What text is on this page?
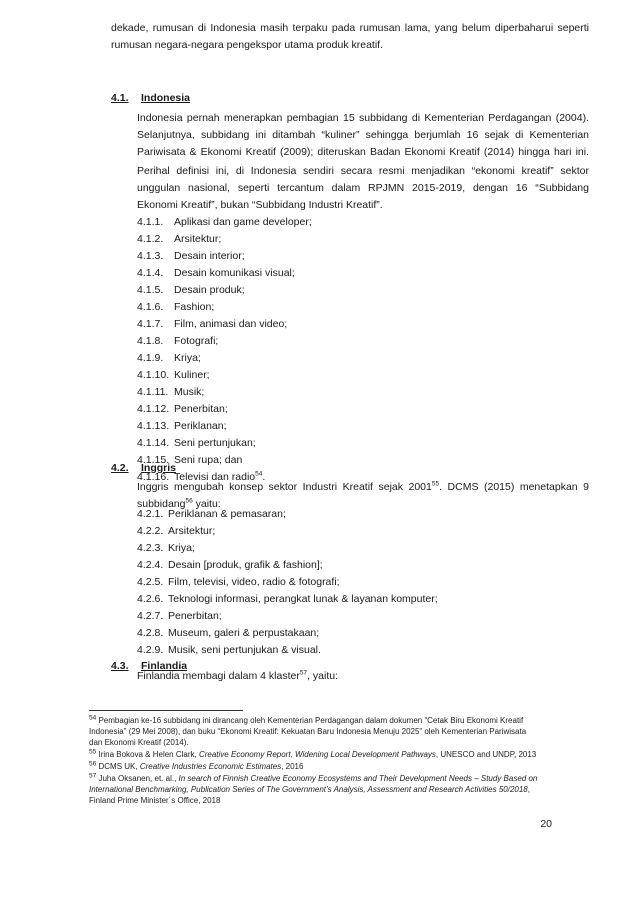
dekade, rumusan di Indonesia masih terpaku pada rumusan lama, yang belum diperbaharui seperti
rumusan negara-negara pengekspor utama produk kreatif.
4.1. Indonesia
Indonesia pernah menerapkan pembagian 15 subbidang di Kementerian Perdagangan (2004).
Selanjutnya, subbidang ini ditambah “kuliner” sehingga berjumlah 16 sejak di Kementerian
Pariwisata & Ekonomi Kreatif (2009); diteruskan Badan Ekonomi Kreatif (2014) hingga hari ini.
Perihal definisi ini, di Indonesia sendiri secara resmi menjadikan “ekonomi kreatif” sektor
unggulan nasional, seperti tercantum dalam RPJMN 2015-2019, dengan 16 “Subbidang
Ekonomi Kreatif”, bukan “Subbidang Industri Kreatif”.
4.1.1. Aplikasi dan game developer;
4.1.2. Arsitektur;
4.1.3. Desain interior;
4.1.4. Desain komunikasi visual;
4.1.5. Desain produk;
4.1.6. Fashion;
4.1.7. Film, animasi dan video;
4.1.8. Fotografi;
4.1.9. Kriya;
4.1.10. Kuliner;
4.1.11. Musik;
4.1.12. Penerbitan;
4.1.13. Periklanan;
4.1.14. Seni pertunjukan;
4.1.15. Seni rupa; dan
4.1.16. Televisi dan radio$^{54}$.
4.2. Inggris
Inggris mengubah konsep sektor Industri Kreatif sejak 2001$^{55}$. DCMS (2015) menetapkan 9
subbidang$^{56}$ yaitu:
4.2.1. Periklanan & pemasaran;
4.2.2. Arsitektur;
4.2.3. Kriya;
4.2.4. Desain [produk, grafik & fashion];
4.2.5. Film, televisi, video, radio & fotografi;
4.2.6. Teknologi informasi, perangkat lunak & layanan komputer;
4.2.7. Penerbitan;
4.2.8. Museum, galeri & perpustakaan;
4.2.9. Musik, seni pertunjukan & visual.
4.3. Finlandia
Finlandia membagi dalam 4 klaster$^{57}$, yaitu:
$^{54}$ Pembagian ke-16 subbidang ini dirancang oleh Kementerian Perdagangan dalam dokumen “Cetak Biru Ekonomi Kreatif
Indonesia” (29 Mei 2008), dan buku “Ekonomi Kreatif: Kekuatan Baru Indonesia Menuju 2025” oleh Kementerian Pariwisata
dan Ekonomi Kreatif (2014).
$^{55}$ Irina Bokova & Helen Clark, Creative Economy Report, Widening Local Development Pathways, UNESCO and UNDP, 2013
$^{56}$ DCMS UK, Creative Industries Economic Estimates, 2016
$^{57}$ Juha Oksanen, et. al., In search of Finnish Creative Economy Ecosystems and Their Development Needs – Study Based on
International Benchmarking, Publication Series of The Government’s Analysis, Assessment and Research Activities 50/2018,
Finland Prime Minister´s Office, 2018
20
